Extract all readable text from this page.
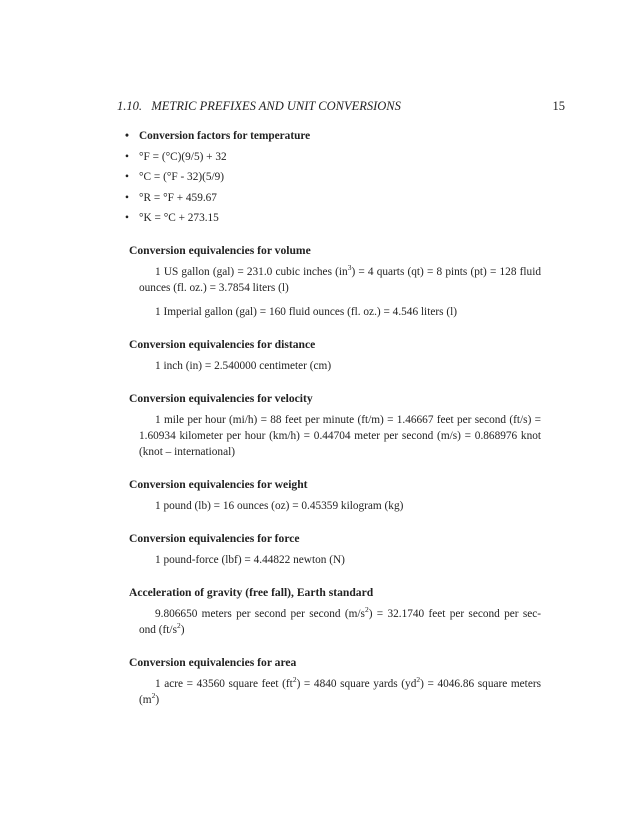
1.10. METRIC PREFIXES AND UNIT CONVERSIONS	15
• Conversion factors for temperature
• °F = (°C)(9/5) + 32
• °C = (°F - 32)(5/9)
• °R = °F + 459.67
• °K = °C + 273.15
Conversion equivalencies for volume

1 US gallon (gal) = 231.0 cubic inches $(in^3) = 4$ quarts (qt) = 8 pints (pt) = 128 fluid ounces (fl. oz.) = 3.7854 liters (l)

1 Imperial gallon (gal) = 160 fluid ounces (fl. oz.) = 4.546 liters (l)

Conversion equivalencies for distance

1 inch (in) = 2.540000 centimeter (cm)

Conversion equivalencies for velocity

1 mile per hour (mi/h) = 88 feet per minute (ft/m) = 1.46667 feet per second (ft/s) = 1.60934 kilometer per hour (km/h) = 0.44704 meter per second (m/s) = 0.868976 knot (knot – international)

Conversion equivalencies for weight

1 pound (lb) = 16 ounces (oz) = 0.45359 kilogram (kg)

Conversion equivalencies for force

1 pound-force (lbf) = 4.44822 newton (N)

Acceleration of gravity (free fall), Earth standard

9.806650 meters per second per second $(m/s^2) = 32.1740$ feet per second per sec- ond $(ft/s^2)$

Conversion equivalencies for area

1 acre = 43560 square feet $(ft^2) = 4840$ square yards $(yd^2) = 4046.86$ square meters $(m^2)$
